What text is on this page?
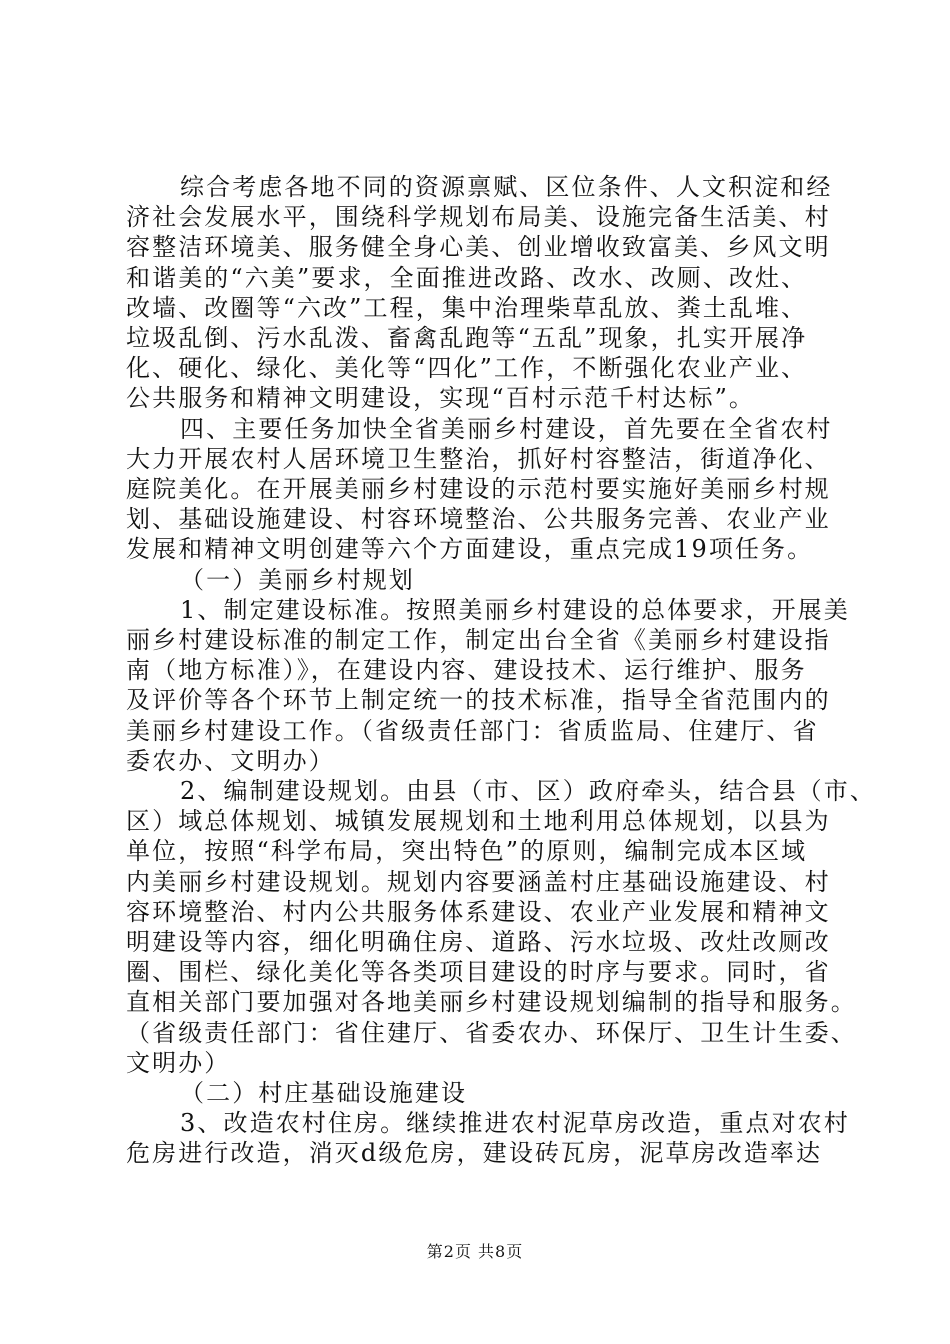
综合考虑各地不同的资源禀赋、区位条件、人文积淀和经
济社会发展水平，围绕科学规划布局美、设施完备生活美、村
容整洁环境美、服务健全身心美、创业增收致富美、乡风文明
和谐美的“六美”要求，全面推进改路、改水、改厕、改灶、
改墙、改圈等“六改”工程，集中治理柴草乱放、粪土乱堆、
垃圾乱倒、污水乱泼、畜禽乱跑等“五乱”现象，扎实开展净
化、硬化、绿化、美化等“四化”工作，不断强化农业产业、
公共服务和精神文明建设，实现“百村示范千村达标”。
四、主要任务加快全省美丽乡村建设，首先要在全省农村
大力开展农村人居环境卫生整治，抓好村容整洁，街道净化、
庭院美化。在开展美丽乡村建设的示范村要实施好美丽乡村规
划、基础设施建设、村容环境整治、公共服务完善、农业产业
发展和精神文明创建等六个方面建设，重点完成19项任务。
（一）美丽乡村规划
1、制定建设标准。按照美丽乡村建设的总体要求，开展美
丽乡村建设标准的制定工作，制定出台全省《美丽乡村建设指
南（地方标准）》，在建设内容、建设技术、运行维护、服务
及评价等各个环节上制定统一的技术标准，指导全省范围内的
美丽乡村建设工作。（省级责任部门：省质监局、住建厅、省
委农办、文明办）
2、编制建设规划。由县（市、区）政府牵头，结合县（市、
区）域总体规划、城镇发展规划和土地利用总体规划，以县为
单位，按照“科学布局，突出特色”的原则，编制完成本区域
内美丽乡村建设规划。规划内容要涵盖村庄基础设施建设、村
容环境整治、村内公共服务体系建设、农业产业发展和精神文
明建设等内容，细化明确住房、道路、污水垃圾、改灶改厕改
圈、围栏、绿化美化等各类项目建设的时序与要求。同时，省
直相关部门要加强对各地美丽乡村建设规划编制的指导和服务。
（省级责任部门：省住建厅、省委农办、环保厅、卫生计生委、
文明办）
（二）村庄基础设施建设
3、改造农村住房。继续推进农村泥草房改造，重点对农村
危房进行改造，消灭d级危房，建设砖瓦房，泥草房改造率达
第2页 共8页
